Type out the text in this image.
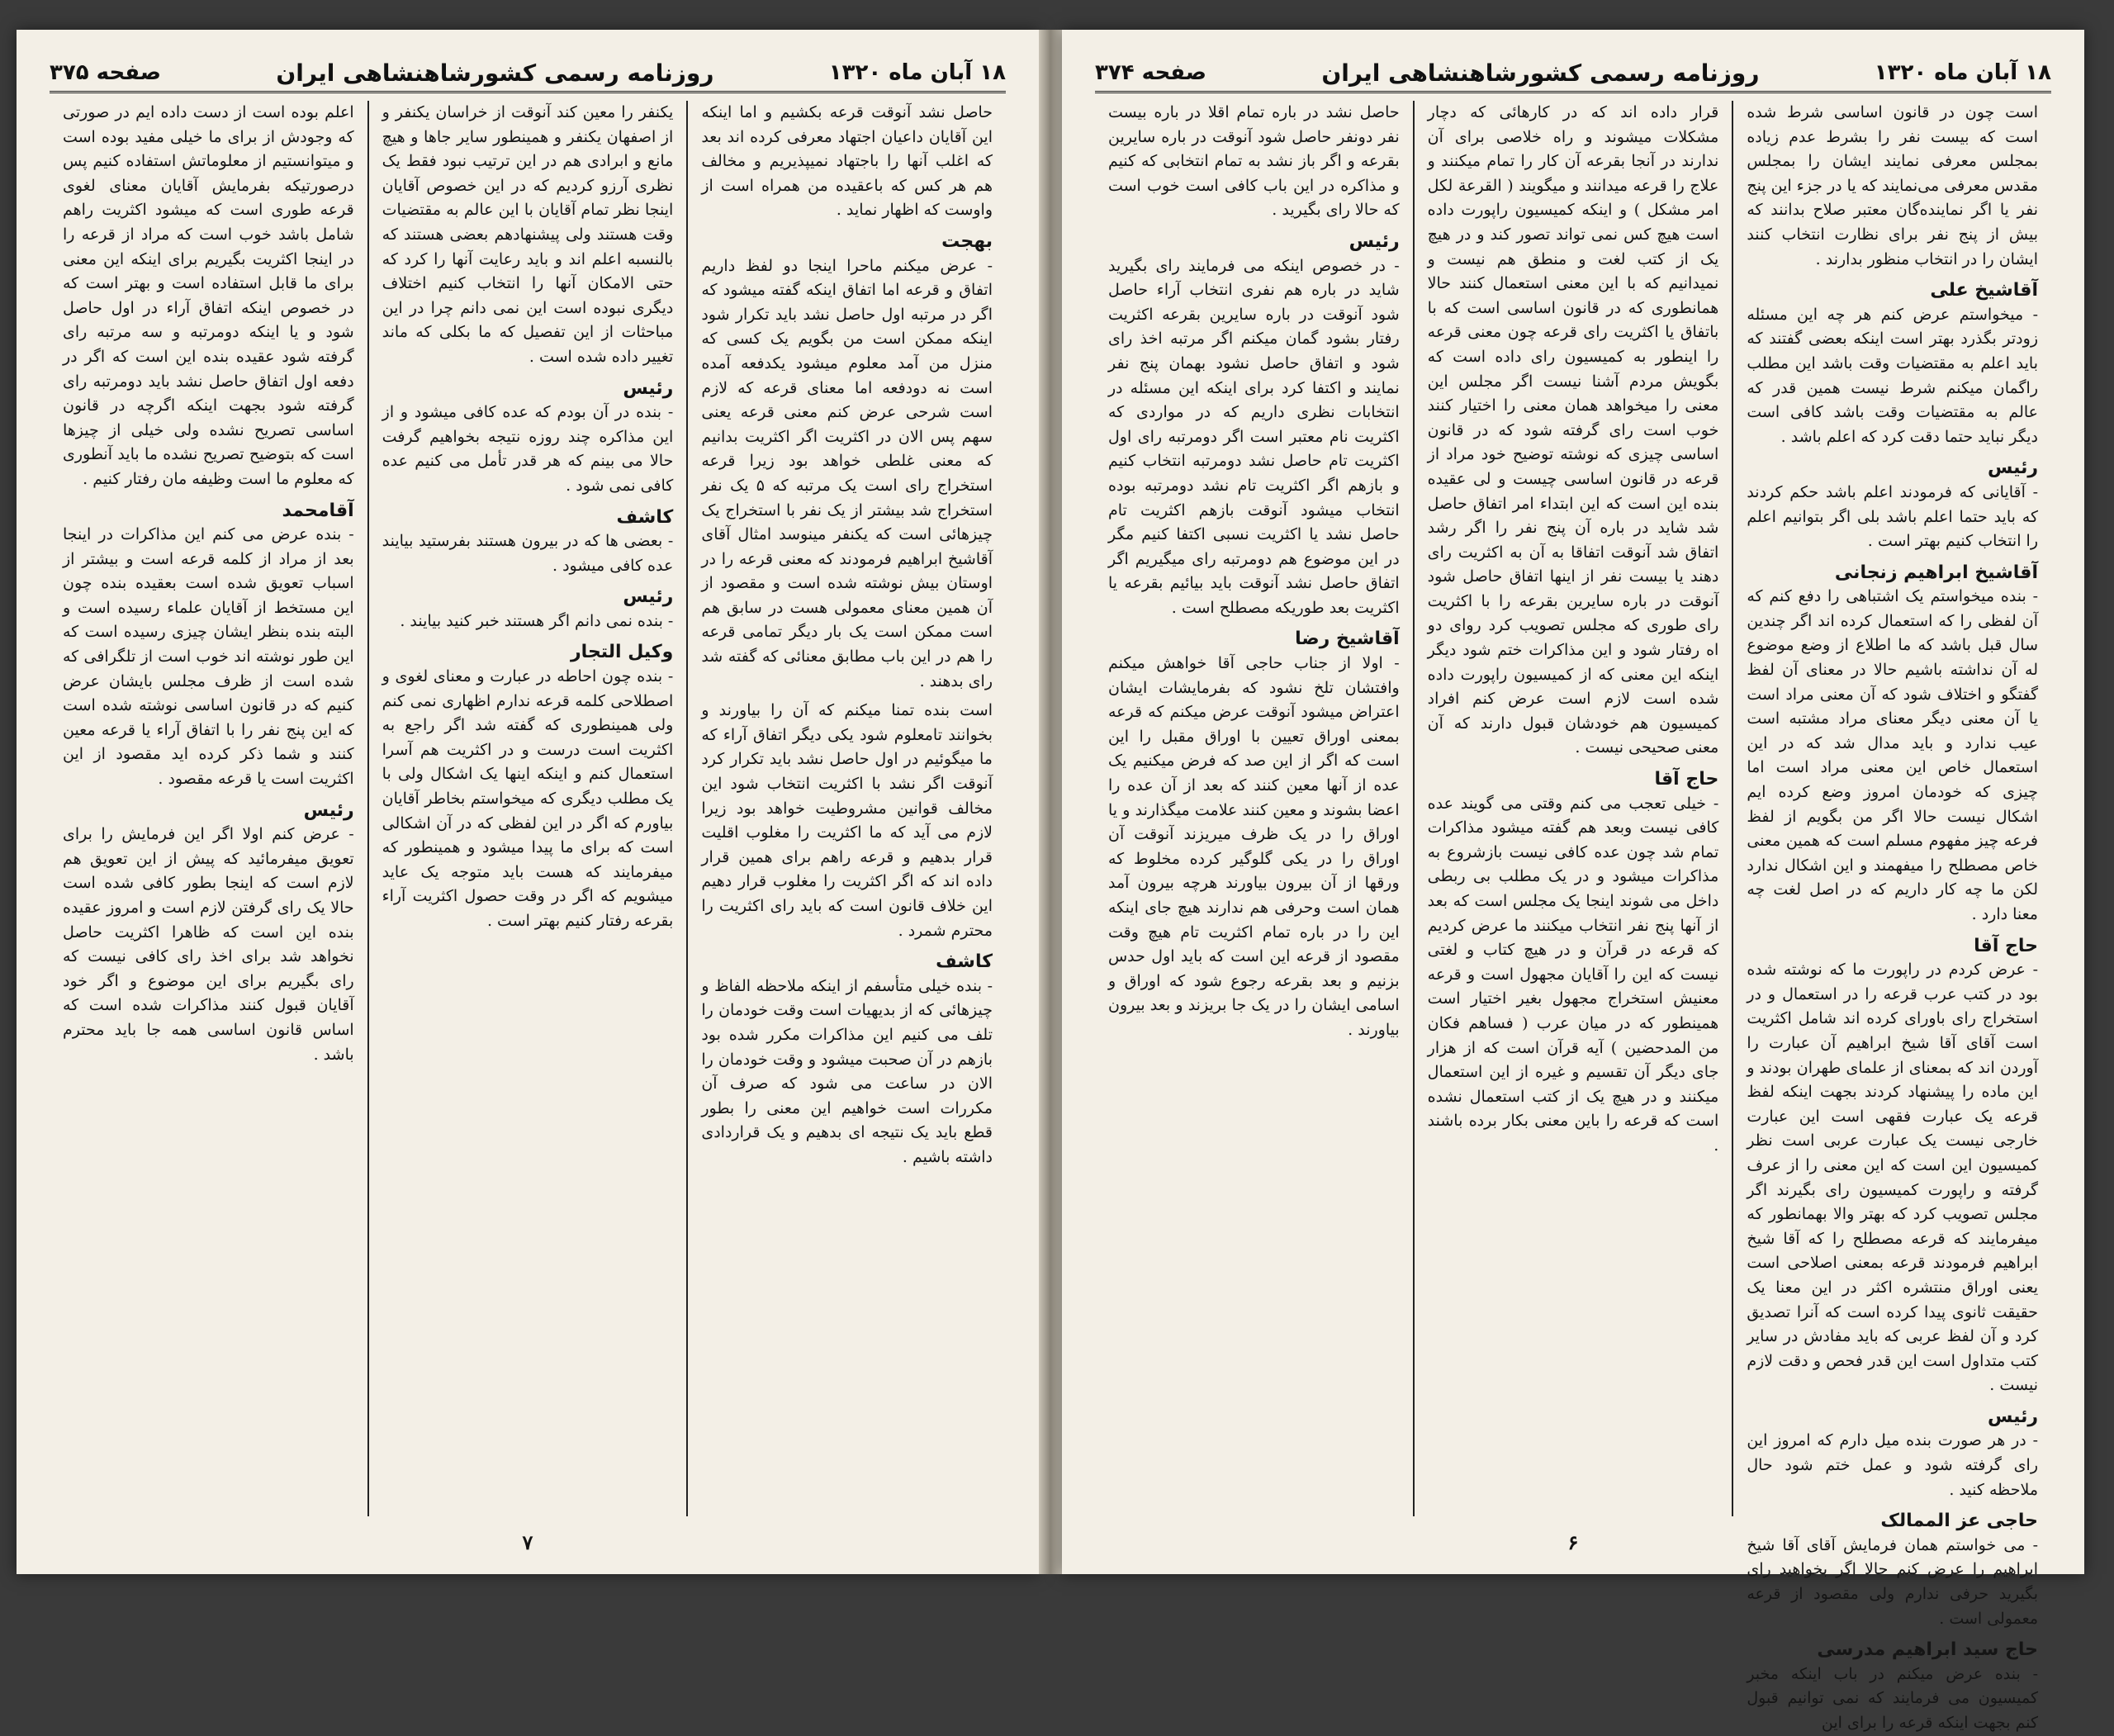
۱۸ آبان ماه ۱۳۲۰
روزنامه رسمی کشورشاهنشاهی ایران
صفحه ۳۷۵

حاصل نشد آنوقت قرعه بکشیم و اما اینکه این آقایان داعیان اجتهاد معرفی کرده اند بعد که اغلب آنها را باجتهاد نمیپذیریم و مخالف هم هر کس که باعقیده من همراه است از واوست که اظهار نماید .

بهجت

- عرض میکنم ماحرا اینجا دو لفظ داریم اتفاق و قرعه اما اتفاق اینکه گفته میشود که اگر در مرتبه اول حاصل نشد باید تکرار شود اینکه ممکن است من بگویم یک کسی که منزل من آمد معلوم میشود یکدفعه آمده است نه دودفعه اما معنای قرعه که لازم است شرحی عرض کنم معنی قرعه یعنی سهم پس الان در اکثریت اگر اکثریت بدانیم که معنی غلطی خواهد بود زیرا قرعه استخراج رای است یک مرتبه که ۵ یک نفر استخراج شد بیشتر از یک نفر با استخراج یک چیزهائی است که یکنفر مینوسد امثال آقای آقاشیخ ابراهیم فرمودند که معنی قرعه را در اوستان بیش نوشته شده است و مقصود از آن همین معنای معمولی هست در سابق هم است ممکن است یک بار دیگر تمامی قرعه را هم در این باب مطابق معنائی که گفته شد رای بدهند .

است بنده تمنا میکنم که آن را بیاورند و بخوانند تامعلوم شود یکی دیگر اتفاق آراء که ما میگوئیم در اول حاصل نشد باید تکرار کرد آنوقت اگر نشد با اکثریت انتخاب شود این مخالف قوانین مشروطیت خواهد بود زیرا لازم می آید که ما اکثریت را مغلوب اقلیت قرار بدهیم و قرعه راهم برای همین قرار داده اند که اگر اکثریت را مغلوب قرار دهیم این خلاف قانون است که باید رای اکثریت را محترم شمرد .

کاشف

- بنده خیلی متأسفم از اینکه ملاحظه الفاظ و چیزهائی که از بدیهیات است وقت خودمان را تلف می کنیم این مذاکرات مکرر شده بود بازهم در آن صحبت میشود و وقت خودمان را الان در ساعت می شود که صرف آن مکررات است خواهیم این معنی را بطور قطع باید یک نتیجه ای بدهیم و یک قراردادی داشته باشیم .

یکنفر را معین کند آنوقت از خراسان یکنفر و از اصفهان یکنفر و همینطور سایر جاها و هیچ مانع و ابرادی هم در این ترتیب نبود فقط یک نظری آرزو کردیم که در این خصوص آقایان اینجا نظر تمام آقایان با این عالم به مقتضیات وقت هستند ولی پیشنهادهم بعضی هستند که بالنسبه اعلم اند و باید رعایت آنها را کرد که حتی الامکان آنها را انتخاب کنیم اختلاف دیگری نبوده است این نمی دانم چرا در این مباحثات از این تفصیل که ما بکلی که ماند تغییر داده شده است .

رئیس

- بنده در آن بودم که عده کافی میشود و از این مذاکره چند روزه نتیجه بخواهیم گرفت حالا می بینم که هر قدر تأمل می کنیم عده کافی نمی شود .

کاشف

- بعضی ها که در بیرون هستند بفرستید بیایند عده کافی میشود .

رئیس

- بنده نمی دانم اگر هستند خبر کنید بیایند .

وکیل التجار

- بنده چون احاطه در عبارت و معنای لغوی و اصطلاحی کلمه قرعه ندارم اظهاری نمی کنم ولی همینطوری که گفته شد اگر راجع به اکثریت است درست و در اکثریت هم آسرا استعمال کنم و اینکه اینها یک اشکال ولی با یک مطلب دیگری که میخواستم بخاطر آقایان بیاورم که اگر در این لفظی که در آن اشکالی است که برای ما پیدا میشود و همینطور که میفرمایند که هست باید متوجه یک عاید میشویم که اگر در وقت حصول اکثریت آراء بقرعه رفتار کنیم بهتر است .

اعلم بوده است از دست داده ایم در صورتی که وجودش از برای ما خیلی مفید بوده است و میتوانستیم از معلوماتش استفاده کنیم پس درصورتیکه بفرمایش آقایان معنای لغوی قرعه طوری است که میشود اکثریت راهم شامل باشد خوب است که مراد از قرعه را در اینجا اکثریت بگیریم برای اینکه این معنی برای ما قابل استفاده است و بهتر است که در خصوص اینکه اتفاق آراء در اول حاصل شود و یا اینکه دومرتبه و سه مرتبه رای گرفته شود عقیده بنده این است که اگر در دفعه اول اتفاق حاصل نشد باید دومرتبه رای گرفته شود بجهت اینکه اگرچه در قانون اساسی تصریح نشده ولی خیلی از چیزها است که بتوضیح تصریح نشده ما باید آنطوری که معلوم ما است وظیفه مان رفتار کنیم .

آقامحمد

- بنده عرض می کنم این مذاکرات در اینجا بعد از مراد از کلمه قرعه است و بیشتر از اسباب تعویق شده است بعقیده بنده چون این مستخط از آقایان علماء رسیده است و البته بنده بنظر ایشان چیزی رسیده است که این طور نوشته اند خوب است از تلگرافی که شده است از ظرف مجلس بایشان عرض کنیم که در قانون اساسی نوشته شده است که این پنج نفر را با اتفاق آراء یا قرعه معین کنند و شما ذکر کرده اید مقصود از این اکثریت است یا قرعه مقصود .

رئیس

- عرض کنم اولا اگر این فرمایش را برای تعویق میفرمائید که پیش از این تعویق هم لازم است که اینجا بطور کافی شده است حالا یک رای گرفتن لازم است و امروز عقیده بنده این است که ظاهرا اکثریت حاصل نخواهد شد برای اخذ رای کافی نیست که رای بگیریم برای این موضوع و اگر خود آقایان قبول کنند مذاکرات شده است که اساس قانون اساسی همه جا باید محترم باشد .

۷
۱۸ آبان ماه ۱۳۲۰
روزنامه رسمی کشورشاهنشاهی ایران
صفحه ۳۷۴

است چون در قانون اساسی شرط شده است که بیست نفر را بشرط عدم زیاده بمجلس معرفی نمایند ایشان را بمجلس مقدس معرفی می‌نمایند که یا در جزء این پنج نفر یا اگر نماینده‌گان معتبر صلاح بدانند که بیش از پنج نفر برای نظارت انتخاب کنند ایشان را در انتخاب منظور بدارند .

آقاشیخ علی

- میخواستم عرض کنم هر چه این مسئله زودتر بگذرد بهتر است اینکه بعضی گفتند که باید اعلم به مقتضیات وقت باشد این مطلب راگمان میکنم شرط نیست همین قدر که عالم به مقتضیات وقت باشد کافی است دیگر نباید حتما دقت کرد که اعلم باشد .

رئیس

- آقایانی که فرمودند اعلم باشد حکم کردند که باید حتما اعلم باشد بلی اگر بتوانیم اعلم را انتخاب کنیم بهتر است .

آقاشیخ ابراهیم زنجانی

- بنده میخواستم یک اشتباهی را دفع کنم که آن لفظی را که استعمال کرده اند اگر چندین سال قبل باشد که ما اطلاع از وضع موضوع له آن نداشته باشیم حالا در معنای آن لفظ گفتگو و اختلاف شود که آن معنی مراد است یا آن معنی دیگر معنای مراد مشتبه است عیب ندارد و باید مدال شد که در این استعمال خاص این معنی مراد است اما چیزی که خودمان امروز وضع کرده ایم اشکال نیست حالا اگر من بگویم از لفظ فرعه چیز مفهوم مسلم است که همین معنی خاص مصطلح را میفهمند و این اشکال ندارد لکن ما چه کار داریم که در اصل لغت چه معنا دارد .

حاج آقا

- عرض کردم در راپورت ما که نوشته شده بود در کتب عرب قرعه را در استعمال و در استخراج رای باورای کرده اند شامل اکثریت است آقای آقا شیخ ابراهیم آن عبارت را آوردن اند که بمعنای از علمای طهران بودند و این ماده را پیشنهاد کردند بجهت اینکه لفظ قرعه یک عبارت فقهی است این عبارت خارجی نیست یک عبارت عربی است نظر کمیسیون این است که این معنی را از عرف گرفته و راپورت کمیسیون رای بگیرند اگر مجلس تصویب کرد که بهتر والا بهمانطور که میفرمایند که قرعه مصطلح را که آقا شیخ ابراهیم فرمودند قرعه بمعنی اصلاحی است یعنی اوراق منتشره اکثر در این معنا یک حقیقت ثانوی پیدا کرده است که آنرا تصدیق کرد و آن لفظ عربی که باید مفادش در سایر کتب متداول است این قدر فحص و دقت لازم نیست .

رئیس

- در هر صورت بنده میل دارم که امروز این رای گرفته شود و عمل ختم شود حال ملاحظه کنید .

حاجی عز الممالک

- می خواستم همان فرمایش آقای آقا شیخ ابراهیم را عرض کنم حالا اگر بخواهید رای بگیرید حرفی ندارم ولی مقصود از قرعه معمولی است .

حاج سید ابراهیم مدرسی

- بنده عرض میکنم در باب اینکه مخبر کمیسیون می فرمایند که نمی توانیم قبول کنم بجهت اینکه قرعه را برای این

قرار داده اند که در کارهائی که دچار مشکلات میشوند و راه خلاصی برای آن ندارند در آنجا بقرعه آن کار را تمام میکنند و علاج را قرعه میدانند و میگویند ( القرعة لکل امر مشکل ) و اینکه کمیسیون راپورت داده است هیچ کس نمی تواند تصور کند و در هیچ یک از کتب لغت و منطق هم نیست و نمیدانیم که با این معنی استعمال کنند حالا همانطوری که در قانون اساسی است که با باتفاق یا اکثریت رای قرعه چون معنی قرعه را اینطور به کمیسیون رای داده است که بگویش مردم آشنا نیست اگر مجلس این معنی را میخواهد همان معنی را اختیار کنند خوب است رای گرفته شود که در قانون اساسی چیزی که نوشته توضیح خود مراد از قرعه در قانون اساسی چیست و لی عقیده بنده این است که این ابتداء امر اتفاق حاصل شد شاید در باره آن پنج نفر را اگر رشد اتفاق شد آنوقت اتفاقا به آن به اکثریت رای دهند یا بیست نفر از اینها اتفاق حاصل شود آنوقت در باره سایرین بقرعه را با اکثریت رای طوری که مجلس تصویب کرد روای دو اه رفتار شود و این مذاکرات ختم شود دیگر اینکه این معنی که از کمیسیون راپورت داده شده است لازم است عرض کنم افراد کمیسیون هم خودشان قبول دارند که آن معنی صحیحی نیست .

حاج آقا

- خیلی تعجب می کنم وقتی می گویند عده کافی نیست وبعد هم گفته میشود مذاکرات تمام شد چون عده کافی نیست بازشروع به مذاکرات میشود و در یک مطلب بی ربطی داخل می شوند اینجا یک مجلس است که بعد از آنها پنج نفر انتخاب میکنند ما عرض کردیم که قرعه در قرآن و در هیچ کتاب و لغتی نیست که این را آقایان مجهول است و قرعه معنیش استخراج مجهول بغیر اختیار است همینطور که در میان عرب ( فساهم فکان من المدحضین ) آیه قرآن است که از هزار جای دیگر آن تقسیم و غیره از این استعمال میکنند و در هیچ یک از کتب استعمال نشده است که قرعه را باین معنی بکار برده باشند .

حاصل نشد در باره تمام اقلا در باره بیست نفر دونفر حاصل شود آنوقت در باره سایرین بقرعه و اگر باز نشد به تمام انتخابی که کنیم و مذاکره در این باب کافی است خوب است که حالا رای بگیرید .

رئیس

- در خصوص اینکه می فرمایند رای بگیرید شاید در باره هم نفری انتخاب آراء حاصل شود آنوقت در باره سایرین بقرعه اکثریت رفتار بشود گمان میکنم اگر مرتبه اخذ رای شود و اتفاق حاصل نشود بهمان پنج نفر نمایند و اکتفا کرد برای اینکه این مسئله در انتخابات نظری داریم که در مواردی که اکثریت نام معتبر است اگر دومرتبه رای اول اکثریت تام حاصل نشد دومرتبه انتخاب کنیم و بازهم اگر اکثریت تام نشد دومرتبه بوده انتخاب میشود آنوقت بازهم اکثریت تام حاصل نشد یا اکثریت نسبی اکتفا کنیم مگر در این موضوع هم دومرتبه رای میگیریم اگر اتفاق حاصل نشد آنوقت باید بیائیم بقرعه یا اکثریت بعد طوریکه مصطلح است .

آقاشیخ رضا

- اولا از جناب حاجی آقا خواهش میکنم وافتشان تلخ نشود که بفرمایشات ایشان اعتراض میشود آنوقت عرض میکنم که قرعه بمعنی اوراق تعیین با اوراق مقبل را این است که اگر از این صد که فرض میکنیم یک عده از آنها معین کنند که بعد از آن عده را اعضا بشوند و معین کنند علامت میگذارند و یا اوراق را در یک ظرف میریزند آنوقت آن اوراق را در یکی گلوگیر کرده مخلوط که ورقها از آن بیرون بیاورند هرچه بیرون آمد همان است وحرفی هم ندارند هیچ جای اینکه این را در باره تمام اکثریت تام هیچ وقت مقصود از قرعه این است که باید اول حدس بزنیم و بعد بقرعه رجوع شود که اوراق و اسامی ایشان را در یک جا بریزند و بعد بیرون بیاورند .

۶
